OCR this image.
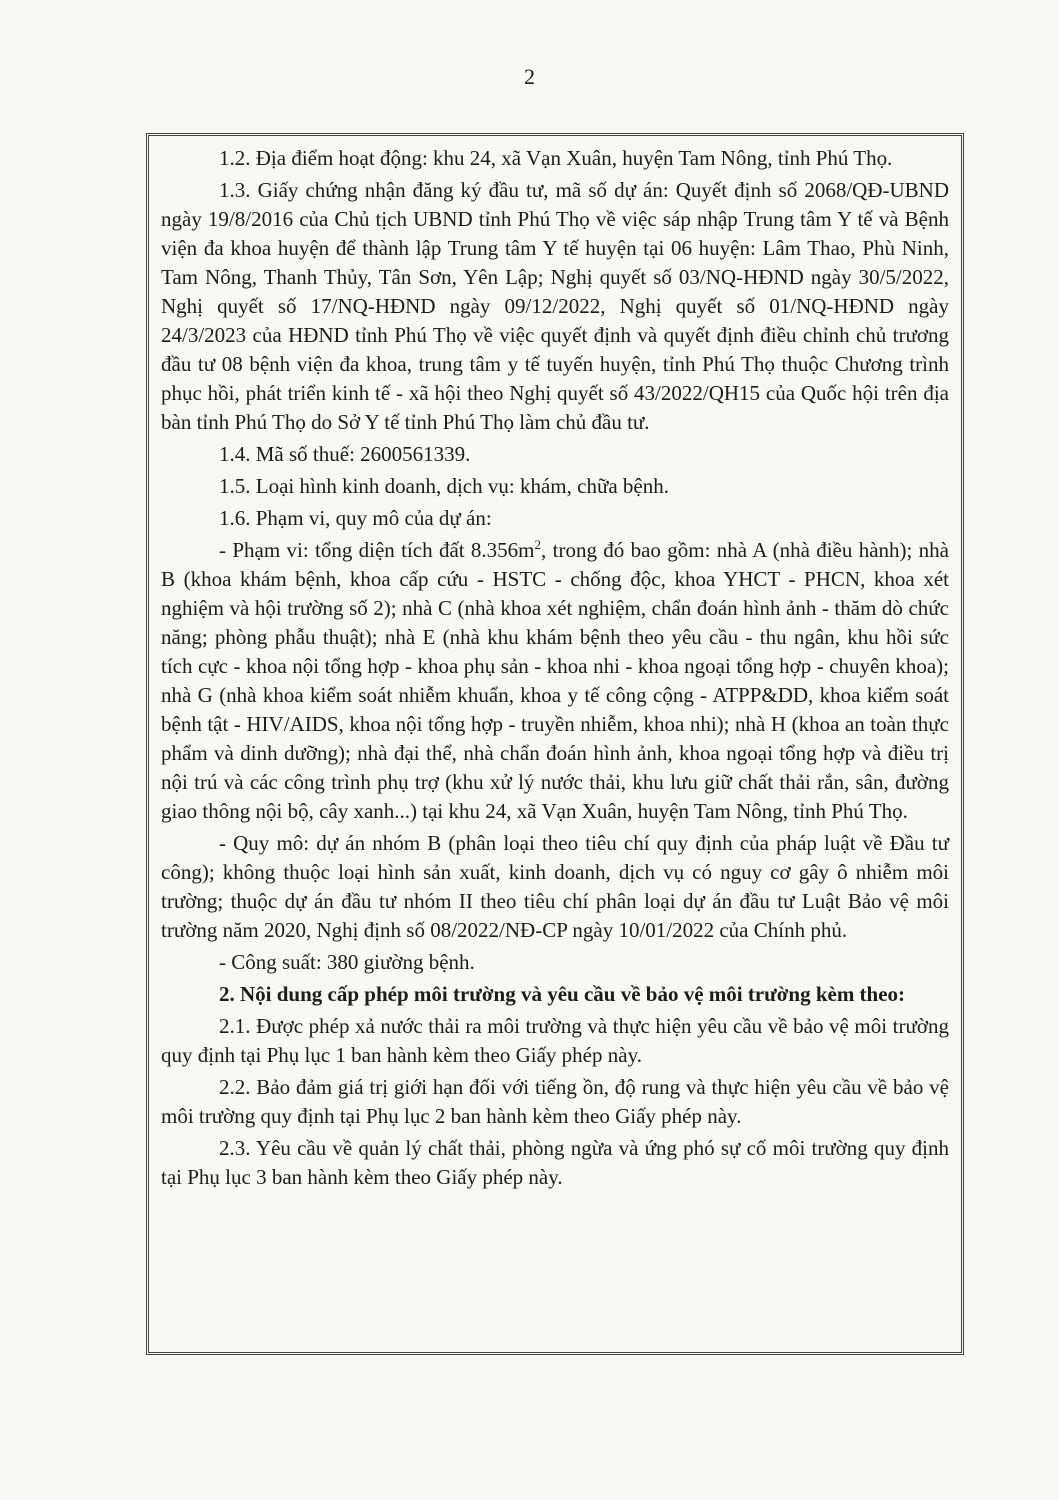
2

1.2. Địa điểm hoạt động: khu 24, xã Vạn Xuân, huyện Tam Nông, tỉnh Phú Thọ.

1.3. Giấy chứng nhận đăng ký đầu tư, mã số dự án: Quyết định số 2068/QĐ-UBND ngày 19/8/2016 của Chủ tịch UBND tỉnh Phú Thọ về việc sáp nhập Trung tâm Y tế và Bệnh viện đa khoa huyện để thành lập Trung tâm Y tế huyện tại 06 huyện: Lâm Thao, Phù Ninh, Tam Nông, Thanh Thủy, Tân Sơn, Yên Lập; Nghị quyết số 03/NQ-HĐND ngày 30/5/2022, Nghị quyết số 17/NQ-HĐND ngày 09/12/2022, Nghị quyết số 01/NQ-HĐND ngày 24/3/2023 của HĐND tỉnh Phú Thọ về việc quyết định và quyết định điều chỉnh chủ trương đầu tư 08 bệnh viện đa khoa, trung tâm y tế tuyến huyện, tỉnh Phú Thọ thuộc Chương trình phục hồi, phát triển kinh tế - xã hội theo Nghị quyết số 43/2022/QH15 của Quốc hội trên địa bàn tỉnh Phú Thọ do Sở Y tế tỉnh Phú Thọ làm chủ đầu tư.

1.4. Mã số thuế: 2600561339.

1.5. Loại hình kinh doanh, dịch vụ: khám, chữa bệnh.

1.6. Phạm vi, quy mô của dự án:

- Phạm vi: tổng diện tích đất $8.356m^2$, trong đó bao gồm: nhà A (nhà điều hành); nhà B (khoa khám bệnh, khoa cấp cứu - HSTC - chống độc, khoa YHCT - PHCN, khoa xét nghiệm và hội trường số 2); nhà C (nhà khoa xét nghiệm, chẩn đoán hình ảnh - thăm dò chức năng; phòng phẫu thuật); nhà E (nhà khu khám bệnh theo yêu cầu - thu ngân, khu hồi sức tích cực - khoa nội tổng hợp - khoa phụ sản - khoa nhi - khoa ngoại tổng hợp - chuyên khoa); nhà G (nhà khoa kiểm soát nhiễm khuẩn, khoa y tế công cộng - ATPP&DD, khoa kiểm soát bệnh tật - HIV/AIDS, khoa nội tổng hợp - truyền nhiễm, khoa nhi); nhà H (khoa an toàn thực phẩm và dinh dưỡng); nhà đại thể, nhà chẩn đoán hình ảnh, khoa ngoại tổng hợp và điều trị nội trú và các công trình phụ trợ (khu xử lý nước thải, khu lưu giữ chất thải rắn, sân, đường giao thông nội bộ, cây xanh...) tại khu 24, xã Vạn Xuân, huyện Tam Nông, tỉnh Phú Thọ.

- Quy mô: dự án nhóm B (phân loại theo tiêu chí quy định của pháp luật về Đầu tư công); không thuộc loại hình sản xuất, kinh doanh, dịch vụ có nguy cơ gây ô nhiễm môi trường; thuộc dự án đầu tư nhóm II theo tiêu chí phân loại dự án đầu tư Luật Bảo vệ môi trường năm 2020, Nghị định số 08/2022/NĐ-CP ngày 10/01/2022 của Chính phủ.

- Công suất: 380 giường bệnh.

2. Nội dung cấp phép môi trường và yêu cầu về bảo vệ môi trường kèm theo:

2.1. Được phép xả nước thải ra môi trường và thực hiện yêu cầu về bảo vệ môi trường quy định tại Phụ lục 1 ban hành kèm theo Giấy phép này.

2.2. Bảo đảm giá trị giới hạn đối với tiếng ồn, độ rung và thực hiện yêu cầu về bảo vệ môi trường quy định tại Phụ lục 2 ban hành kèm theo Giấy phép này.

2.3. Yêu cầu về quản lý chất thải, phòng ngừa và ứng phó sự cố môi trường quy định tại Phụ lục 3 ban hành kèm theo Giấy phép này.
